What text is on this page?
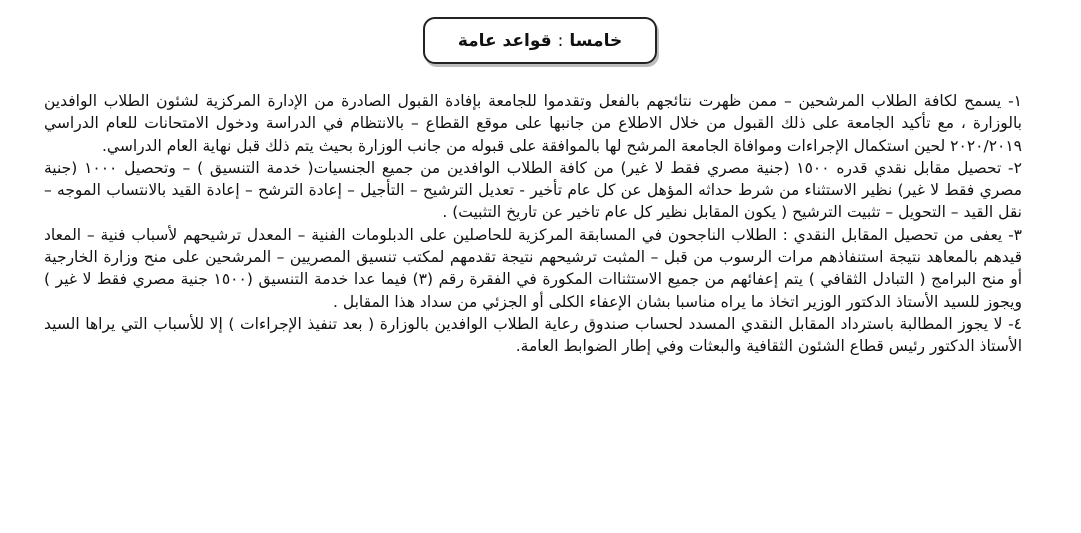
خامسا
:
قواعد عامة

١- يسمح لكافة الطلاب المرشحين – ممن ظهرت نتائجهم بالفعل وتقدموا للجامعة بإفادة القبول الصادرة من الإدارة المركزية لشئون الطلاب الوافدين بالوزارة ، مع تأكيد الجامعة على ذلك القبول من خلال الاطلاع من جانبها على موقع القطاع – بالانتظام في الدراسة ودخول الامتحانات للعام الدراسي ٢٠٢٠/٢٠١٩ لحين استكمال الإجراءات وموافاة الجامعة المرشح لها بالموافقة على قبوله من جانب الوزارة بحيث يتم ذلك قبل نهاية العام الدراسي.

٢- تحصيل مقابل نقدي قدره ١٥٠٠ (جنية مصري فقط لا غير) من كافة الطلاب الوافدين من جميع الجنسيات( خدمة التنسيق ) – وتحصيل ١٠٠٠ (جنية مصري فقط لا غير) نظير الاستثناء من شرط حداثه المؤهل عن كل عام تأخير - تعديل الترشيح – التأجيل – إعادة الترشح – إعادة القيد بالانتساب الموجه – نقل القيد – التحويل – تثبيت الترشيح ( يكون المقابل نظير كل عام تاخير عن تاريخ التثبيت) .

٣- يعفى من تحصيل المقابل النقدي : الطلاب الناجحون في المسابقة المركزية للحاصلين على الدبلومات الفنية – المعدل ترشيحهم لأسباب فنية – المعاد قيدهم بالمعاهد نتيجة استنفاذهم مرات الرسوب من قبل – المثبت ترشيحهم نتيجة تقدمهم لمكتب تنسيق المصريين – المرشحين على منح وزارة الخارجية أو منح البرامج ( التبادل الثقافي ) يتم إعفائهم من جميع الاستثناات المكورة في الفقرة رقم (٣) فيما عدا خدمة التنسيق (١٥٠٠ جنية مصري فقط لا غير ) ويجوز للسيد الأستاذ الدكتور الوزير اتخاذ ما يراه مناسبا بشان الإعفاء الكلى أو الجزئي من سداد هذا المقابل .

٤- لا يجوز المطالبة باسترداد المقابل النقدي المسدد لحساب صندوق رعاية الطلاب الوافدين بالوزارة ( بعد تنفيذ الإجراءات ) إلا للأسباب التي يراها السيد الأستاذ الدكتور رئيس قطاع الشئون الثقافية والبعثات وفي إطار الضوابط العامة.
